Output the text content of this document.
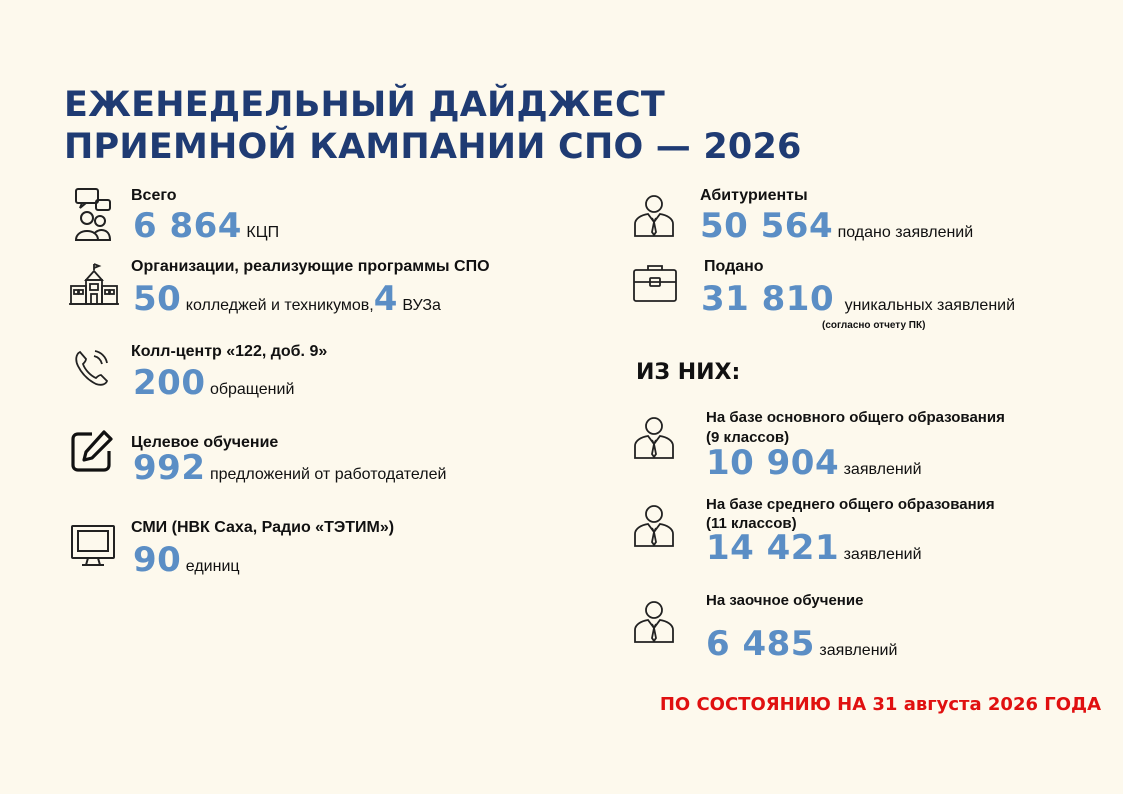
ЕЖЕНЕДЕЛЬНЫЙ ДАЙДЖЕСТ
ПРИЕМНОЙ КАМПАНИИ СПО — 2026
Всего
6 864 КЦП
Организации, реализующие программы СПО
50 колледжей и техникумов,4 ВУЗа
Колл-центр «122, доб. 9»
200 обращений
Целевое обучение
992 предложений от работодателей
СМИ (НВК Саха, Радио «ТЭТИМ»)
90 единиц
Абитуриенты
50 564 подано заявлений
Подано
31 810 уникальных заявлений
(согласно отчету ПК)
ИЗ НИХ:
На базе основного общего образования
(9 классов)
10 904 заявлений
На базе среднего общего образования
(11 классов)
14 421 заявлений
На заочное обучение
6 485 заявлений
ПО СОСТОЯНИЮ НА 31 августа 2026 ГОДА
